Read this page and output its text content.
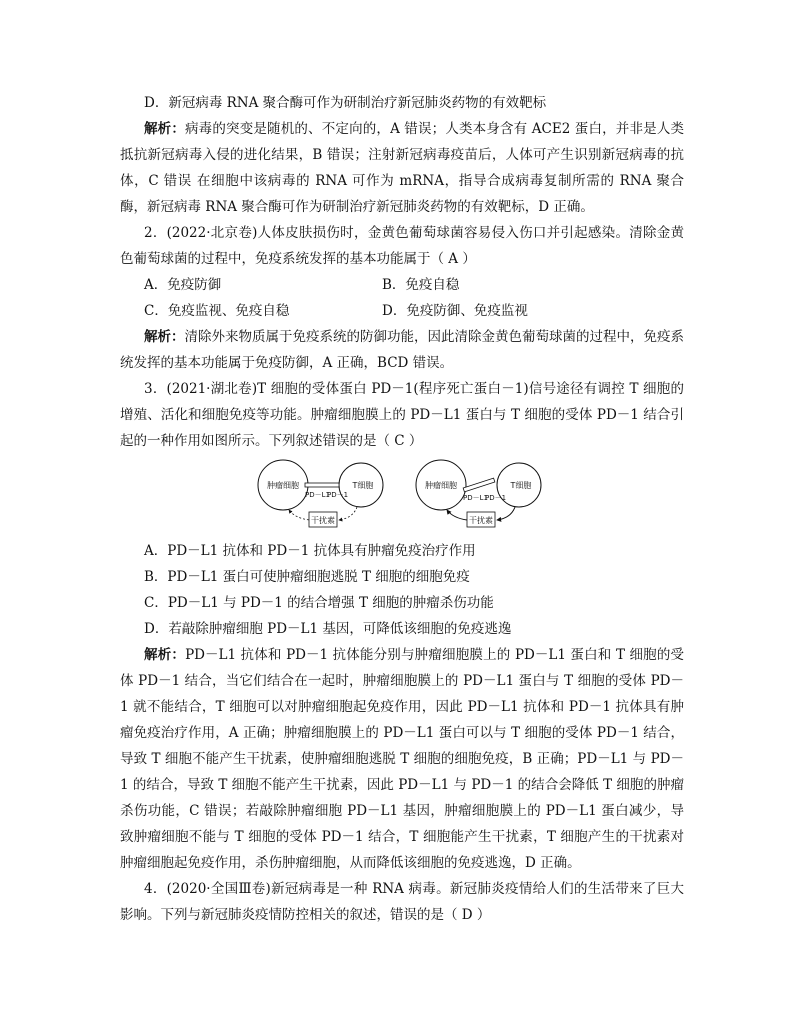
D．新冠病毒 RNA 聚合酶可作为研制治疗新冠肺炎药物的有效靶标

解析：病毒的突变是随机的、不定向的，A 错误；人类本身含有 ACE2 蛋白，并非是人类抵抗新冠病毒入侵的进化结果，B 错误；注射新冠病毒疫苗后，人体可产生识别新冠病毒的抗体，C 错误 在细胞中该病毒的 RNA 可作为 mRNA，指导合成病毒复制所需的 RNA 聚合酶，新冠病毒 RNA 聚合酶可作为研制治疗新冠肺炎药物的有效靶标，D 正确。

2．(2022·北京卷)人体皮肤损伤时，金黄色葡萄球菌容易侵入伤口并引起感染。清除金黄色葡萄球菌的过程中，免疫系统发挥的基本功能属于（ A ）

A．免疫防御	B．免疫自稳
C．免疫监视、免疫自稳	D．免疫防御、免疫监视

解析：清除外来物质属于免疫系统的防御功能，因此清除金黄色葡萄球菌的过程中，免疫系统发挥的基本功能属于免疫防御，A 正确，BCD 错误。

3．(2021·湖北卷)T 细胞的受体蛋白 PD－1(程序死亡蛋白－1)信号途径有调控 T 细胞的增殖、活化和细胞免疫等功能。肿瘤细胞膜上的 PD－L1 蛋白与 T 细胞的受体 PD－1 结合引起的一种作用如图所示。下列叙述错误的是（ C ）

肿瘤细胞	T细胞
PD－L1
PD－1
干扰素
肿瘤细胞	T细胞
PD－L1
PD－1
干扰素

A．PD－L1 抗体和 PD－1 抗体具有肿瘤免疫治疗作用

B．PD－L1 蛋白可使肿瘤细胞逃脱 T 细胞的细胞免疫

C．PD－L1 与 PD－1 的结合增强 T 细胞的肿瘤杀伤功能

D．若敲除肿瘤细胞 PD－L1 基因，可降低该细胞的免疫逃逸

解析：PD－L1 抗体和 PD－1 抗体能分别与肿瘤细胞膜上的 PD－L1 蛋白和 T 细胞的受体 PD－1 结合，当它们结合在一起时，肿瘤细胞膜上的 PD－L1 蛋白与 T 细胞的受体 PD－1 就不能结合，T 细胞可以对肿瘤细胞起免疫作用，因此 PD－L1 抗体和 PD－1 抗体具有肿瘤免疫治疗作用，A 正确；肿瘤细胞膜上的 PD－L1 蛋白可以与 T 细胞的受体 PD－1 结合，导致 T 细胞不能产生干扰素，使肿瘤细胞逃脱 T 细胞的细胞免疫，B 正确；PD－L1 与 PD－1 的结合，导致 T 细胞不能产生干扰素，因此 PD－L1 与 PD－1 的结合会降低 T 细胞的肿瘤杀伤功能，C 错误；若敲除肿瘤细胞 PD－L1 基因，肿瘤细胞膜上的 PD－L1 蛋白减少，导致肿瘤细胞不能与 T 细胞的受体 PD－1 结合，T 细胞能产生干扰素，T 细胞产生的干扰素对肿瘤细胞起免疫作用，杀伤肿瘤细胞，从而降低该细胞的免疫逃逸，D 正确。

4．(2020·全国Ⅲ卷)新冠病毒是一种 RNA 病毒。新冠肺炎疫情给人们的生活带来了巨大影响。下列与新冠肺炎疫情防控相关的叙述，错误的是（ D ）
